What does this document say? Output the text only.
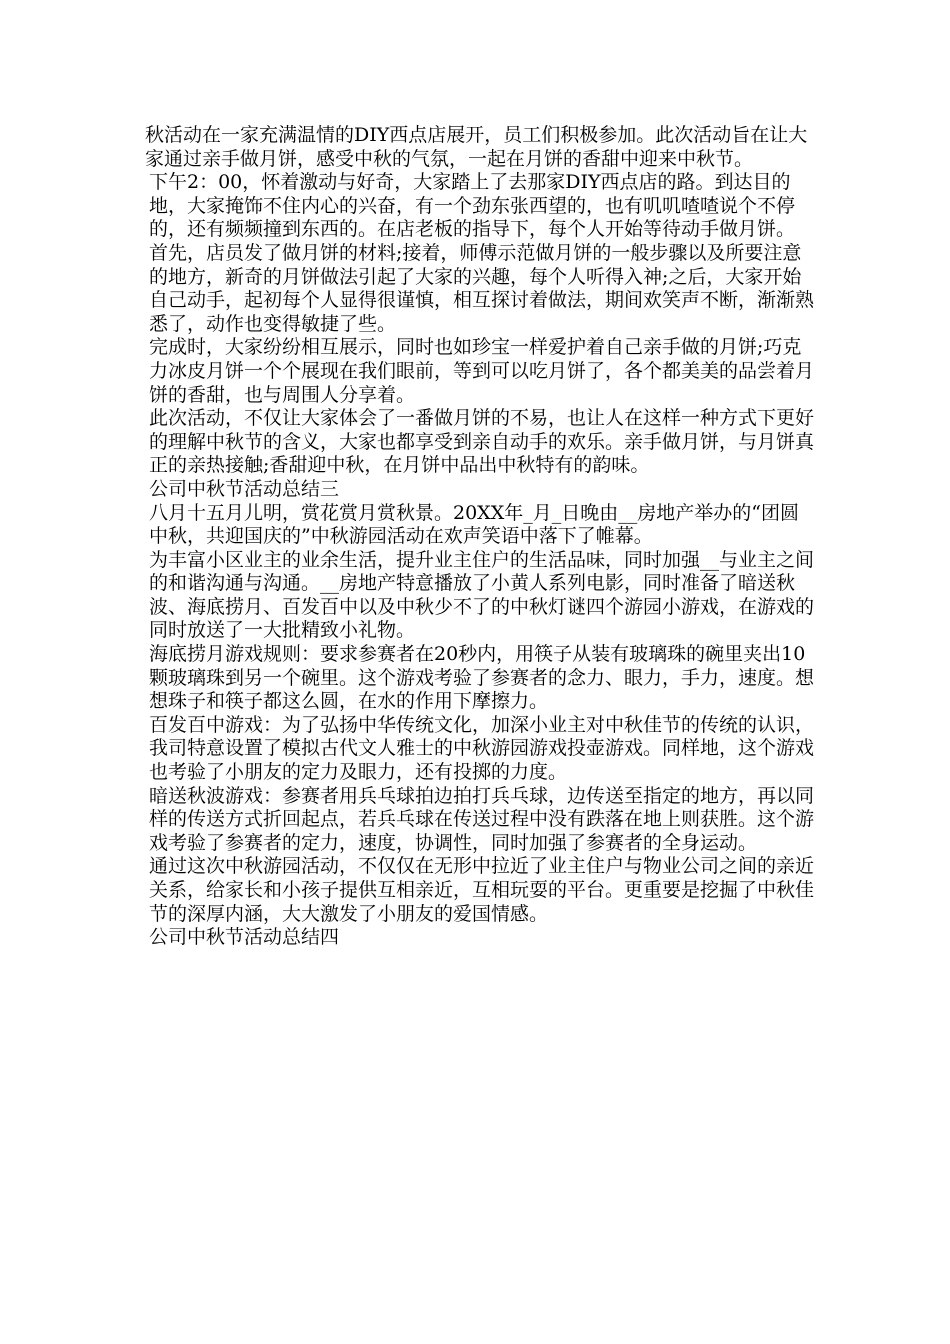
秋活动在一家充满温情的DIY西点店展开，员工们积极参加。此次活动旨在让大家通过亲手做月饼，感受中秋的气氛，一起在月饼的香甜中迎来中秋节。

下午2：00，怀着激动与好奇，大家踏上了去那家DIY西点店的路。到达目的地，大家掩饰不住内心的兴奋，有一个劲东张西望的，也有叽叽喳喳说个不停的，还有频频撞到东西的。在店老板的指导下，每个人开始等待动手做月饼。

首先，店员发了做月饼的材料;接着，师傅示范做月饼的一般步骤以及所要注意的地方，新奇的月饼做法引起了大家的兴趣，每个人听得入神;之后，大家开始自己动手，起初每个人显得很谨慎，相互探讨着做法，期间欢笑声不断，渐渐熟悉了，动作也变得敏捷了些。

完成时，大家纷纷相互展示，同时也如珍宝一样爱护着自己亲手做的月饼;巧克力冰皮月饼一个个展现在我们眼前，等到可以吃月饼了，各个都美美的品尝着月饼的香甜，也与周围人分享着。

此次活动，不仅让大家体会了一番做月饼的不易，也让人在这样一种方式下更好的理解中秋节的含义，大家也都享受到亲自动手的欢乐。亲手做月饼，与月饼真正的亲热接触;香甜迎中秋，在月饼中品出中秋特有的韵味。

公司中秋节活动总结三

八月十五月儿明，赏花赏月赏秋景。20XX年_月_日晚由__房地产举办的“团圆中秋，共迎国庆的”中秋游园活动在欢声笑语中落下了帷幕。

为丰富小区业主的业余生活，提升业主住户的生活品味，同时加强__与业主之间的和谐沟通与沟通。__房地产特意播放了小黄人系列电影，同时准备了暗送秋波、海底捞月、百发百中以及中秋少不了的中秋灯谜四个游园小游戏，在游戏的同时放送了一大批精致小礼物。

海底捞月游戏规则：要求参赛者在20秒内，用筷子从装有玻璃珠的碗里夹出10颗玻璃珠到另一个碗里。这个游戏考验了参赛者的念力、眼力，手力，速度。想想珠子和筷子都这么圆，在水的作用下摩擦力。

百发百中游戏：为了弘扬中华传统文化，加深小业主对中秋佳节的传统的认识，我司特意设置了模拟古代文人雅士的中秋游园游戏投壶游戏。同样地，这个游戏也考验了小朋友的定力及眼力，还有投掷的力度。

暗送秋波游戏：参赛者用兵乓球拍边拍打兵乓球，边传送至指定的地方，再以同样的传送方式折回起点，若兵乓球在传送过程中没有跌落在地上则获胜。这个游戏考验了参赛者的定力，速度，协调性，同时加强了参赛者的全身运动。

通过这次中秋游园活动，不仅仅在无形中拉近了业主住户与物业公司之间的亲近关系，给家长和小孩子提供互相亲近，互相玩耍的平台。更重要是挖掘了中秋佳节的深厚内涵，大大激发了小朋友的爱国情感。

公司中秋节活动总结四
